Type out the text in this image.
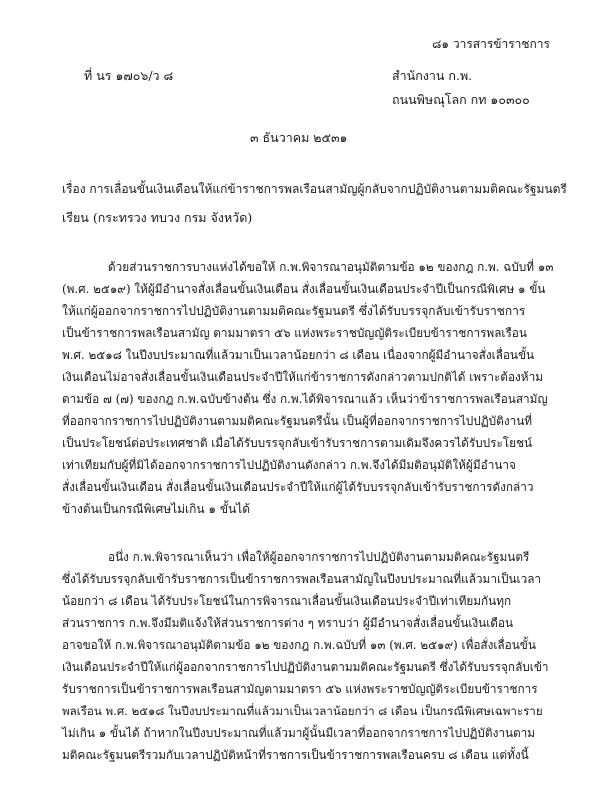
๘๑ วารสารข้าราชการ
ที่ นร ๑๗๐๖/ว ๘	สำนักงาน ก.พ.
ถนนพิษณุโลก กท ๑๐๓๐๐
๓ ธันวาคม ๒๕๓๑
เรื่อง การเลื่อนขั้นเงินเดือนให้แก่ข้าราชการพลเรือนสามัญผู้กลับจากปฏิบัติงานตามมติคณะรัฐมนตรี
เรียน (กระทรวง ทบวง กรม จังหวัด)
ด้วยส่วนราชการบางแห่งได้ขอให้ ก.พ.พิจารณาอนุมัติตามข้อ ๑๒ ของกฎ ก.พ. ฉบับที่ ๑๓
(พ.ศ. ๒๕๑๙) ให้ผู้มีอำนาจสั่งเลื่อนขั้นเงินเดือน สั่งเลื่อนขั้นเงินเดือนประจำปีเป็นกรณีพิเศษ ๑ ขั้น
ให้แก่ผู้ออกจากราชการไปปฏิบัติงานตามมติคณะรัฐมนตรี ซึ่งได้รับบรรจุกลับเข้ารับราชการ
เป็นข้าราชการพลเรือนสามัญ ตามมาตรา ๕๖ แห่งพระราชบัญญัติระเบียบข้าราชการพลเรือน
พ.ศ. ๒๕๑๘ ในปีงบประมาณที่แล้วมาเป็นเวลาน้อยกว่า ๘ เดือน เนื่องจากผู้มีอำนาจสั่งเลื่อนขั้น
เงินเดือนไม่อาจสั่งเลื่อนขั้นเงินเดือนประจำปีให้แก่ข้าราชการดังกล่าวตามปกติได้ เพราะต้องห้าม
ตามข้อ ๗ (๗) ของกฎ ก.พ.ฉบับข้างต้น ซึ่ง ก.พ.ได้พิจารณาแล้ว เห็นว่าข้าราชการพลเรือนสามัญ
ที่ออกจากราชการไปปฏิบัติงานตามมติคณะรัฐมนตรีนั้น เป็นผู้ที่ออกจากราชการไปปฏิบัติงานที่
เป็นประโยชน์ต่อประเทศชาติ เมื่อได้รับบรรจุกลับเข้ารับราชการตามเดิมจึงควรได้รับประโยชน์
เท่าเทียมกับผู้ที่มิได้ออกจากราชการไปปฏิบัติงานดังกล่าว ก.พ.จึงได้มีมติอนุมัติให้ผู้มีอำนาจ
สั่งเลื่อนขั้นเงินเดือน สั่งเลื่อนขั้นเงินเดือนประจำปีให้แก่ผู้ได้รับบรรจุกลับเข้ารับราชการดังกล่าว
ข้างต้นเป็นกรณีพิเศษไม่เกิน ๑ ขั้นได้
อนึ่ง ก.พ.พิจารณาเห็นว่า เพื่อให้ผู้ออกจากราชการไปปฏิบัติงานตามมติคณะรัฐมนตรี
ซึ่งได้รับบรรจุกลับเข้ารับราชการเป็นข้าราชการพลเรือนสามัญในปีงบประมาณที่แล้วมาเป็นเวลา
น้อยกว่า ๘ เดือน ได้รับประโยชน์ในการพิจารณาเลื่อนขั้นเงินเดือนประจำปีเท่าเทียมกันทุก
ส่วนราชการ ก.พ.จึงมีมติแจ้งให้ส่วนราชการต่าง ๆ ทราบว่า ผู้มีอำนาจสั่งเลื่อนขั้นเงินเดือน
อาจขอให้ ก.พ.พิจารณาอนุมัติตามข้อ ๑๒ ของกฎ ก.พ.ฉบับที่ ๑๓ (พ.ศ. ๒๕๑๙) เพื่อสั่งเลื่อนขั้น
เงินเดือนประจำปีให้แก่ผู้ออกจากราชการไปปฏิบัติงานตามมติคณะรัฐมนตรี ซึ่งได้รับบรรจุกลับเข้า
รับราชการเป็นข้าราชการพลเรือนสามัญตามมาตรา ๕๖ แห่งพระราชบัญญัติระเบียบข้าราชการ
พลเรือน พ.ศ. ๒๕๑๘ ในปีงบประมาณที่แล้วมาเป็นเวลาน้อยกว่า ๘ เดือน เป็นกรณีพิเศษเฉพาะราย
ไม่เกิน ๑ ขั้นได้ ถ้าหากในปีงบประมาณที่แล้วมาผู้นั้นมีเวลาที่ออกจากราชการไปปฏิบัติงานตาม
มติคณะรัฐมนตรีรวมกับเวลาปฏิบัติหน้าที่ราชการเป็นข้าราชการพลเรือนครบ ๘ เดือน แต่ทั้งนี้
